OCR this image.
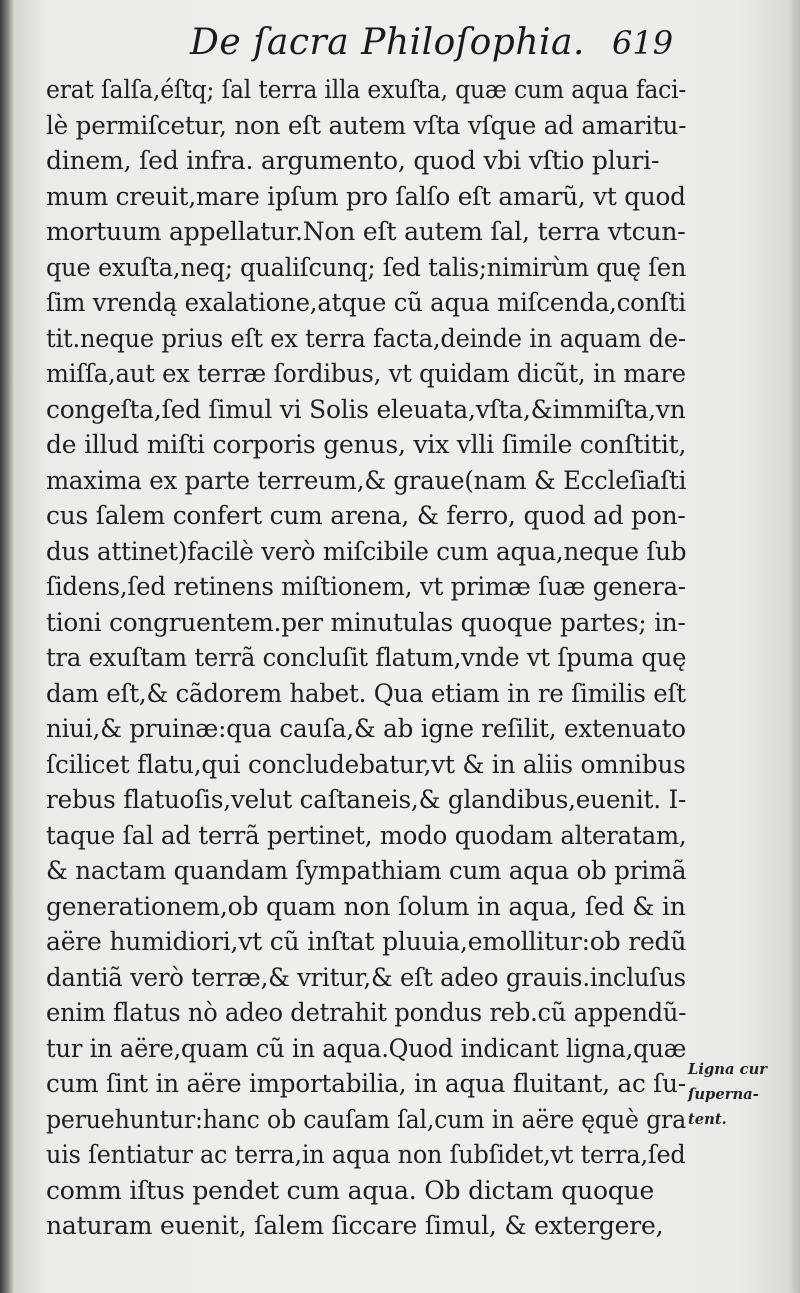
De ſacra Philoſophia. 619
erat ſalſa,éſtq; ſal terra illa exuſta, quæ cum aqua faci-
lè permiſcetur, non eſt autem vſta vſque ad amaritu-
dinem, ſed infra. argumento, quod vbi vſtio pluri-
mum creuit,mare ipſum pro ſalſo eſt amarũ, vt quod
mortuum appellatur.Non eſt autem ſal, terra vtcun-
que exuſta,neq; qualiſcunq; ſed talis;nimirùm quę ſen
ſim vrendą exalatione,atque cũ aqua miſcenda,conſti
tit.neque prius eſt ex terra facta,deinde in aquam de-
miſſa,aut ex terræ ſordibus, vt quidam dicũt, in mare
congeſta,ſed ſimul vi Solis eleuata,vſta,&immiſta,vn
de illud miſti corporis genus, vix vlli ſimile conſtitit,
maxima ex parte terreum,& graue(nam & Eccleſiaſti
cus ſalem confert cum arena, & ferro, quod ad pon-
dus attinet)facilè verò miſcibile cum aqua,neque ſub
ſidens,ſed retinens miſtionem, vt primæ ſuæ genera-
tioni congruentem.per minutulas quoque partes; in-
tra exuſtam terrã concluſit flatum,vnde vt ſpuma quę
dam eſt,& cãdorem habet. Qua etiam in re ſimilis eſt
niui,& pruinæ:qua cauſa,& ab igne reſilit, extenuato
ſcilicet flatu,qui concludebatur,vt & in aliis omnibus
rebus flatuoſis,velut caſtaneis,& glandibus,euenit. I-
taque ſal ad terrã pertinet, modo quodam alteratam,
& nactam quandam ſympathiam cum aqua ob primã
generationem,ob quam non ſolum in aqua, ſed & in
aëre humidiori,vt cũ inſtat pluuia,emollitur:ob redũ
dantiã verò terræ,& vritur,& eſt adeo grauis.incluſus
enim flatus nò adeo detrahit pondus reb.cũ appendũ-
tur in aëre,quam cũ in aqua.Quod indicant ligna,quæ
cum ſint in aëre importabilia, in aqua fluitant, ac ſu-
peruehuntur:hanc ob cauſam ſal,cum in aëre ęquè gra
uis ſentiatur ac terra,in aqua non ſubſidet,vt terra,ſed
comm iſtus pendet cum aqua. Ob dictam quoque
naturam euenit, ſalem ſiccare ſimul, & extergere,
Ligna cur
ſuperna-
tent.
